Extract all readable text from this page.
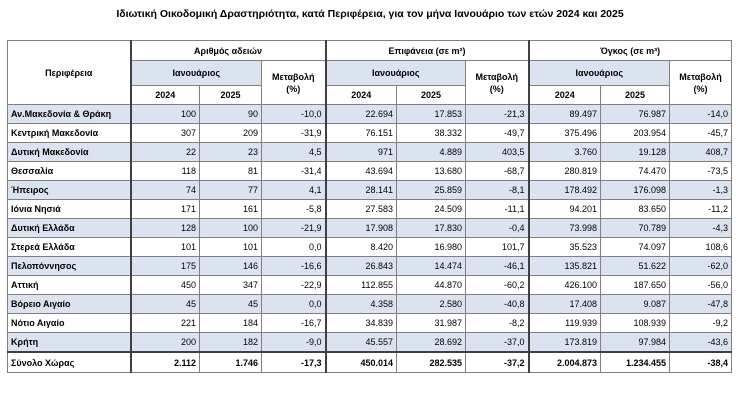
Ιδιωτική Οικοδομική Δραστηριότητα, κατά Περιφέρεια, για τον μήνα Ιανουάριο των ετών 2024 και 2025
Περιφέρεια	Αριθμός αδειών			Επιφάνεια (σε m²)			Όγκος (σε m³)		
	Ιανουάριος		Μεταβολή (%)	Ιανουάριος		Μεταβολή (%)	Ιανουάριος		Μεταβολή (%)
	2024	2025		2024	2025		2024	2025	
Αν.Μακεδονία & Θράκη	100	90	-10,0	22.694	17.853	-21,3	89.497	76.987	-14,0
Κεντρική Μακεδονία	307	209	-31,9	76.151	38.332	-49,7	375.496	203.954	-45,7
Δυτική Μακεδονία	22	23	4,5	971	4.889	403,5	3.760	19.128	408,7
Θεσσαλία	118	81	-31,4	43.694	13.680	-68,7	280.819	74.470	-73,5
Ήπειρος	74	77	4,1	28.141	25.859	-8,1	178.492	176.098	-1,3
Ιόνια Νησιά	171	161	-5,8	27.583	24.509	-11,1	94.201	83.650	-11,2
Δυτική Ελλάδα	128	100	-21,9	17.908	17.830	-0,4	73.998	70.789	-4,3
Στερεά Ελλάδα	101	101	0,0	8.420	16.980	101,7	35.523	74.097	108,6
Πελοπόννησος	175	146	-16,6	26.843	14.474	-46,1	135.821	51.622	-62,0
Αττική	450	347	-22,9	112.855	44.870	-60,2	426.100	187.650	-56,0
Βόρειο Αιγαίο	45	45	0,0	4.358	2.580	-40,8	17.408	9.087	-47,8
Νότιο Αιγαίο	221	184	-16,7	34.839	31.987	-8,2	119.939	108.939	-9,2
Κρήτη	200	182	-9,0	45.557	28.692	-37,0	173.819	97.984	-43,6
Σύνολο Χώρας	2.112	1.746	-17,3	450.014	282.535	-37,2	2.004.873	1.234.455	-38,4
